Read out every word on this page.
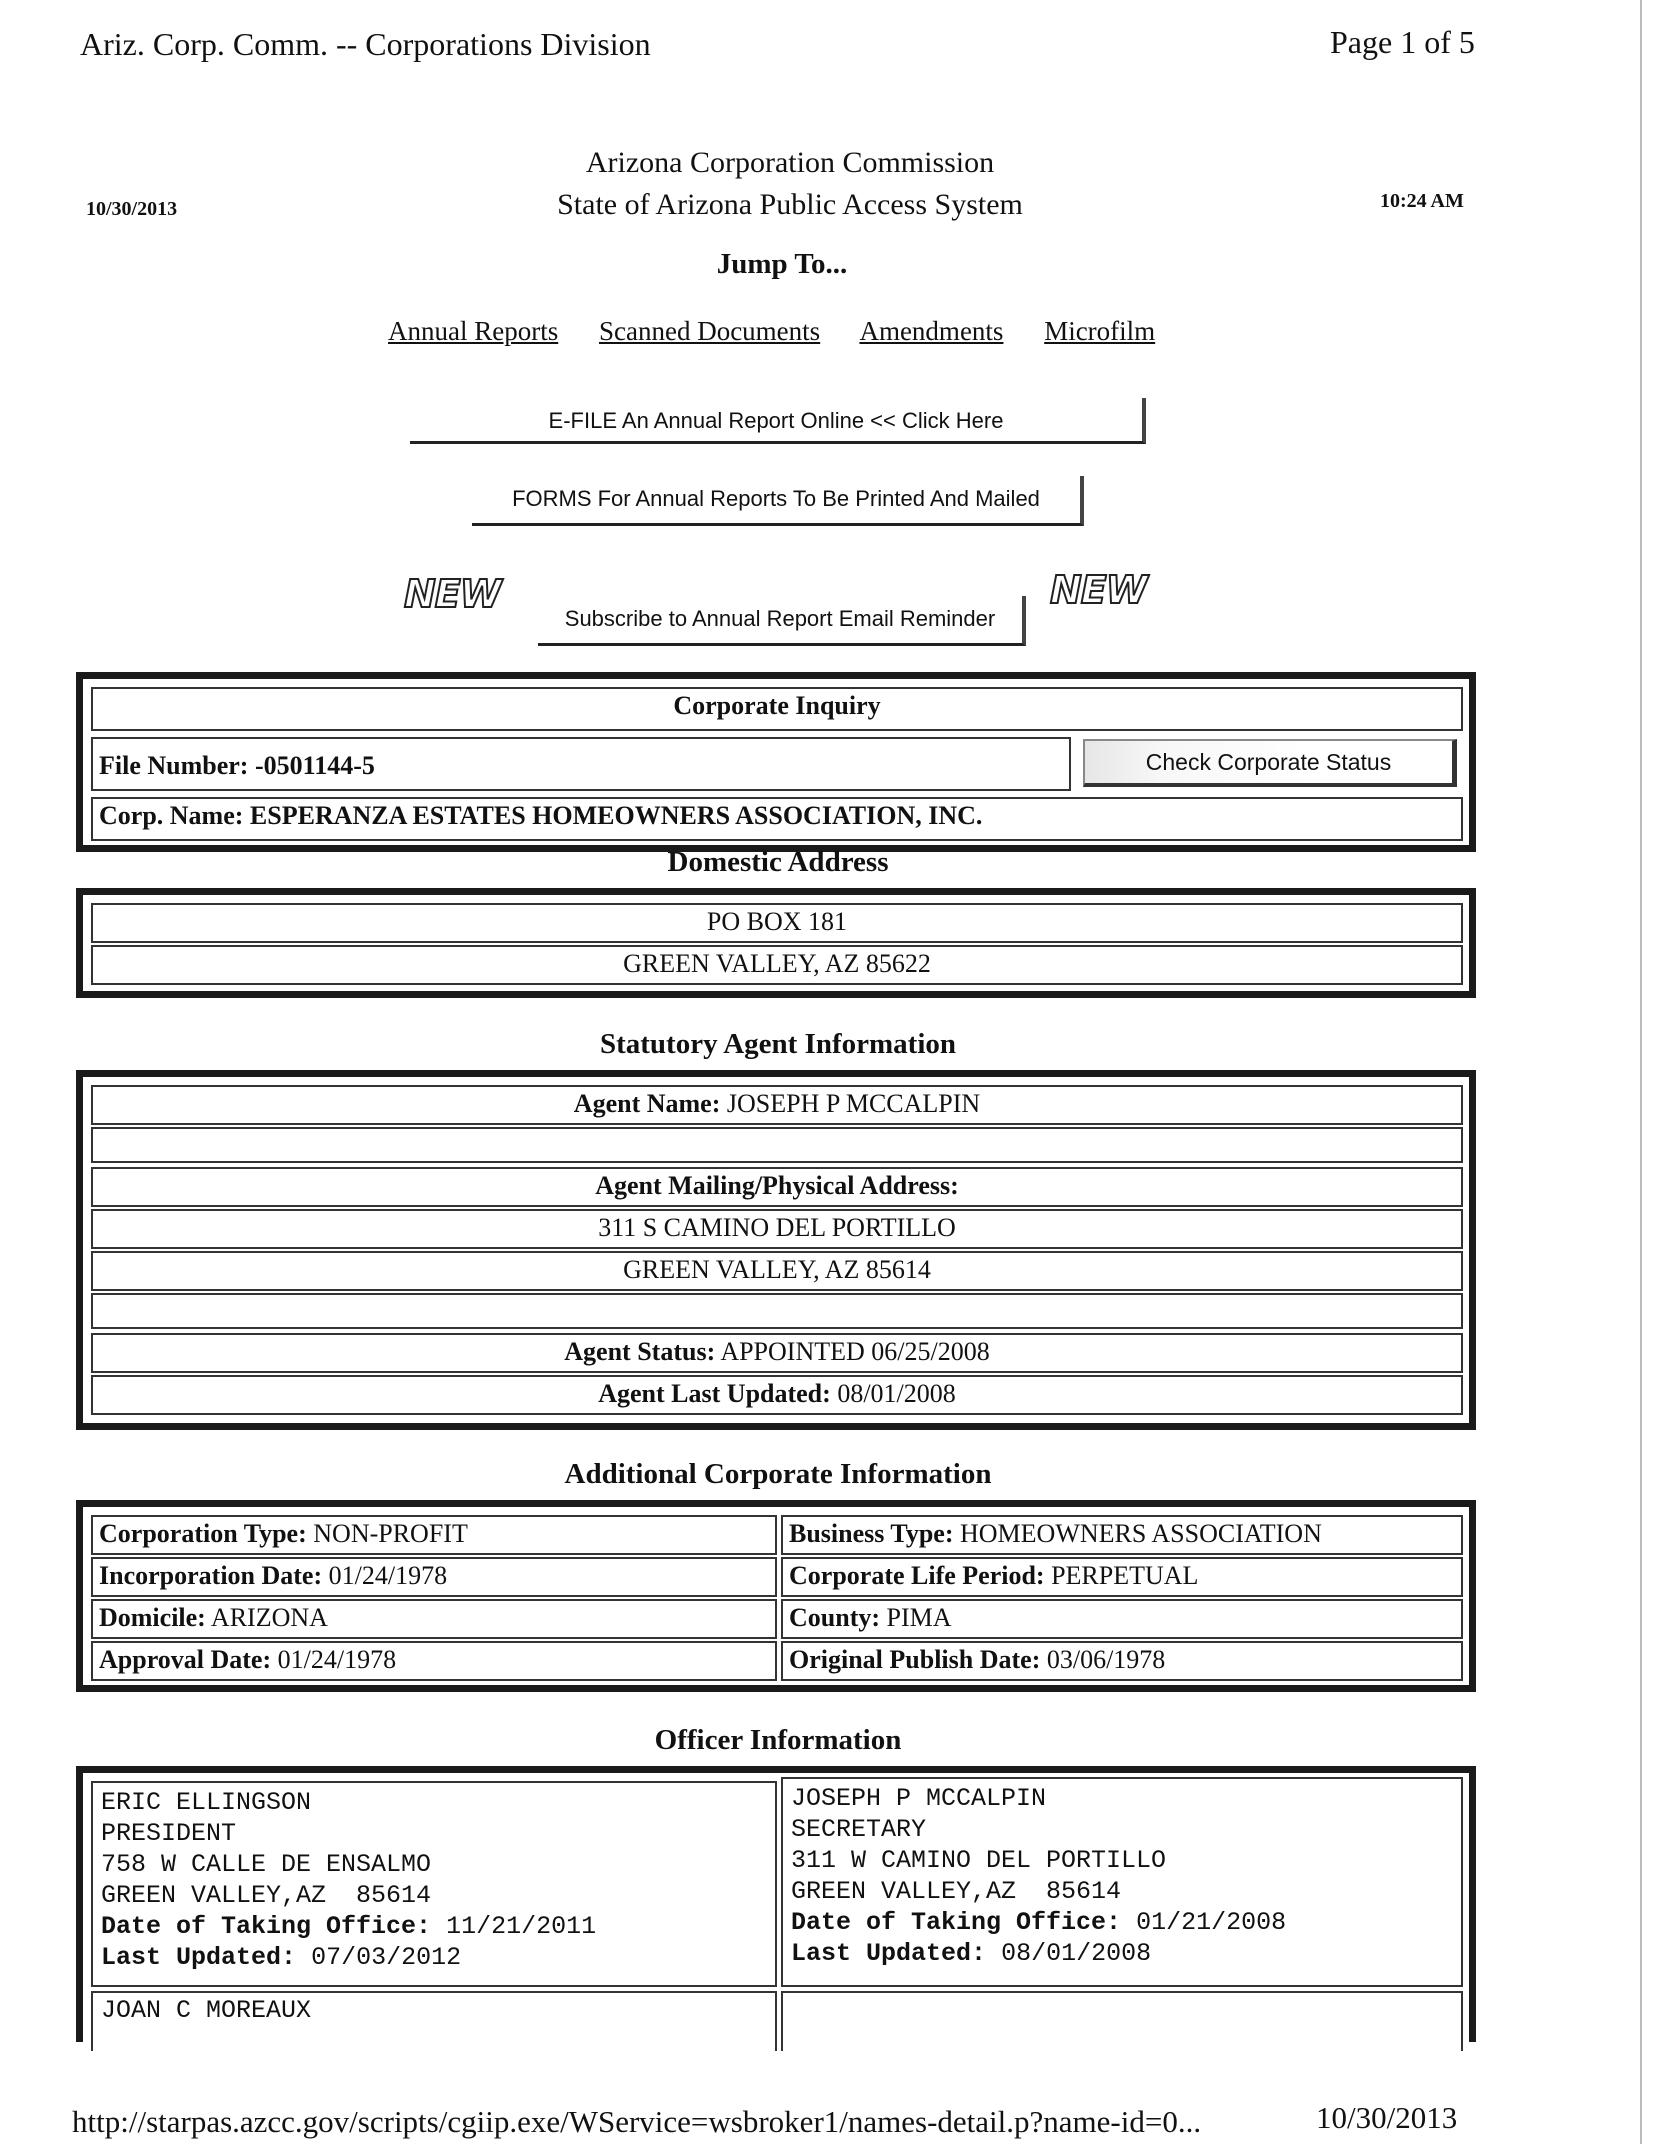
Ariz. Corp. Comm. -- Corporations Division	Page 1 of 5
10/30/2013	10:24 AM
Arizona Corporation Commission
State of Arizona Public Access System
Jump To...
Annual Reports Scanned Documents Amendments Microfilm
E-FILE An Annual Report Online << Click Here
FORMS For Annual Reports To Be Printed And Mailed
NEW
Subscribe to Annual Report Email Reminder
NEW
Corporate Inquiry
File Number: -0501144-5	Check Corporate Status
Corp. Name: ESPERANZA ESTATES HOMEOWNERS ASSOCIATION, INC.
Domestic Address
PO BOX 181
GREEN VALLEY, AZ 85622
Statutory Agent Information
Agent Name: JOSEPH P MCCALPIN
Agent Mailing/Physical Address:
311 S CAMINO DEL PORTILLO
GREEN VALLEY, AZ 85614
Agent Status: APPOINTED 06/25/2008
Agent Last Updated: 08/01/2008
Additional Corporate Information
Corporation Type: NON-PROFIT	Business Type: HOMEOWNERS ASSOCIATION
Incorporation Date: 01/24/1978	Corporate Life Period: PERPETUAL
Domicile: ARIZONA	County: PIMA
Approval Date: 01/24/1978	Original Publish Date: 03/06/1978
Officer Information
ERIC ELLINGSON
PRESIDENT
758 W CALLE DE ENSALMO
GREEN VALLEY,AZ  85614
Date of Taking Office: 11/21/2011
Last Updated: 07/03/2012
JOSEPH P MCCALPIN
SECRETARY
311 W CAMINO DEL PORTILLO
GREEN VALLEY,AZ  85614
Date of Taking Office: 01/21/2008
Last Updated: 08/01/2008
JOAN C MOREAUX
http://starpas.azcc.gov/scripts/cgiip.exe/WService=wsbroker1/names-detail.p?name-id=0...	10/30/2013
